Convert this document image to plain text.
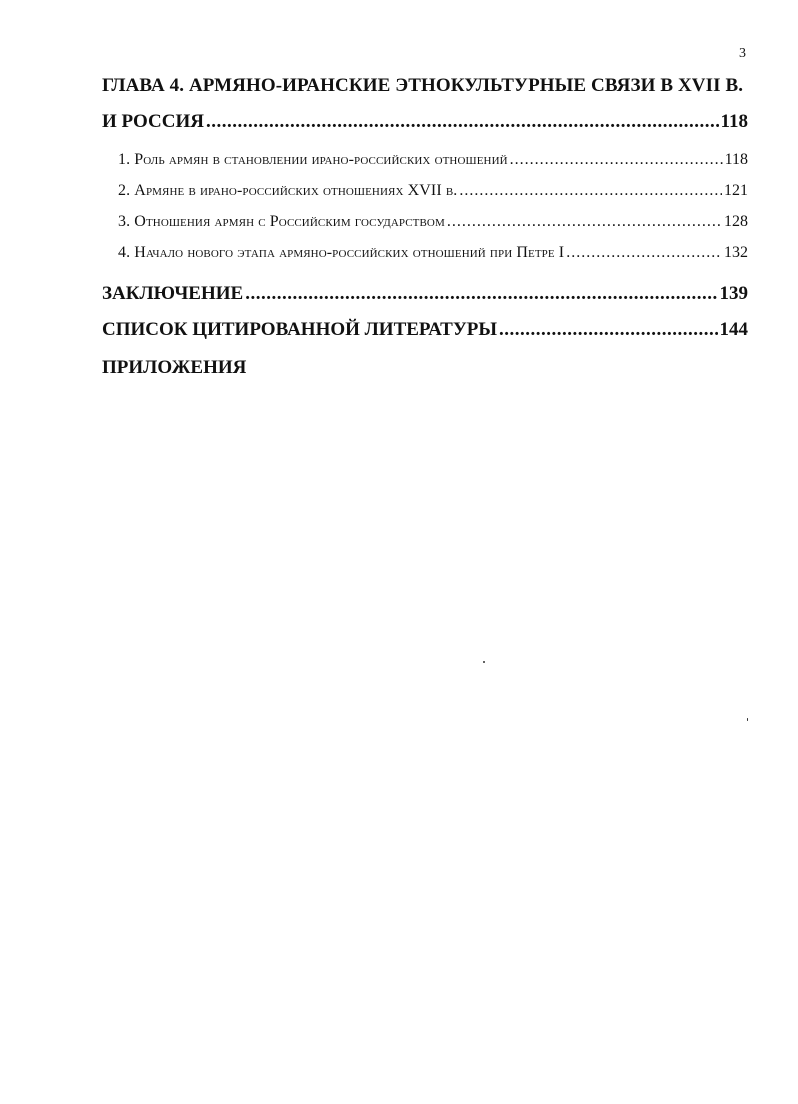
3
ГЛАВА 4. АРМЯНО-ИРАНСКИЕ ЭТНОКУЛЬТУРНЫЕ СВЯЗИ В XVII В.
И РОССИЯ .....	118
1. Роль армян в становлении ирано-российских отношений .....	118
2. Армяне в ирано-российских отношениях XVII в. .....	121
3. Отношения армян с Российским государством .....	128
4. Начало нового этапа армяно-российских отношений при Петре I .....	132
ЗАКЛЮЧЕНИЕ .....	139
СПИСОК ЦИТИРОВАННОЙ ЛИТЕРАТУРЫ .....	144
ПРИЛОЖЕНИЯ
